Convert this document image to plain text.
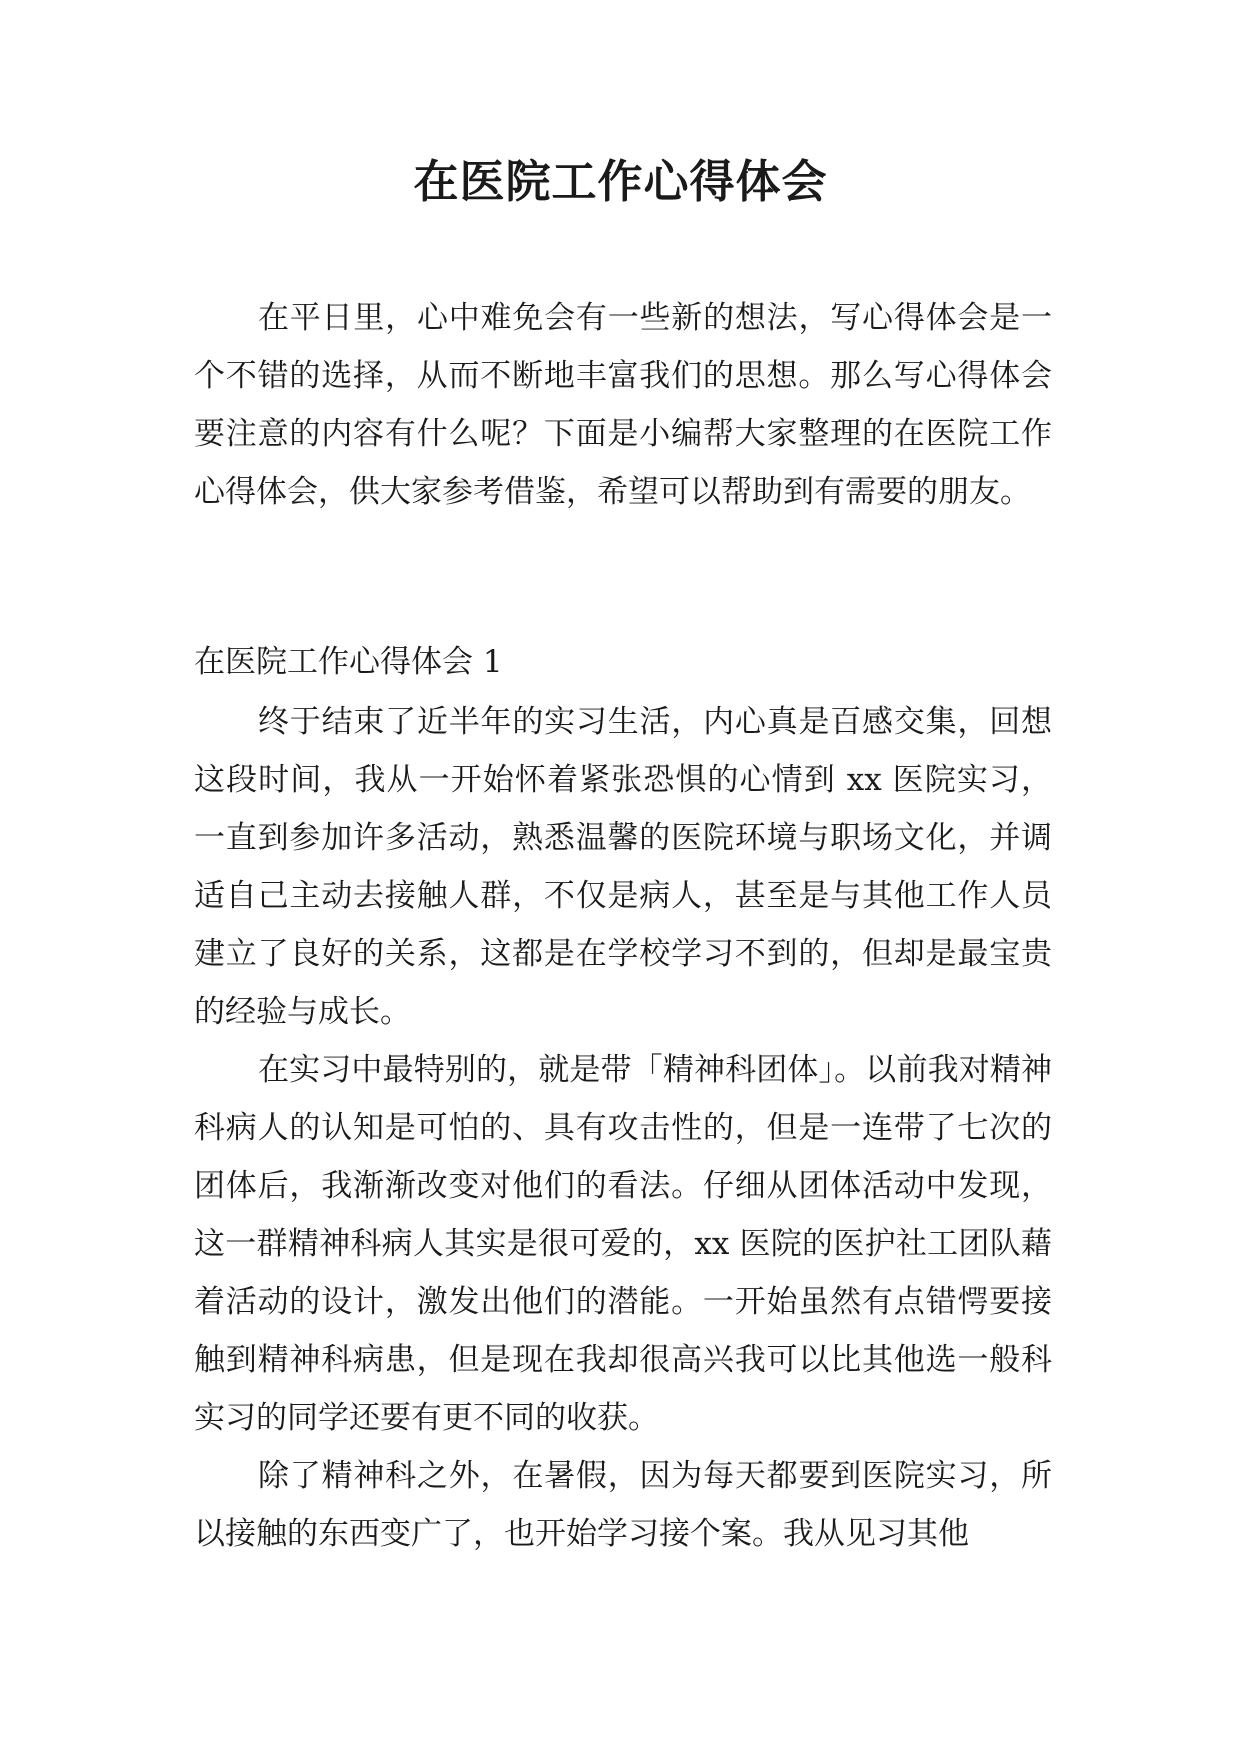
在医院工作心得体会

在平日里，心中难免会有一些新的想法，写心得体会是一个不错的选择，从而不断地丰富我们的思想。那么写心得体会要注意的内容有什么呢？下面是小编帮大家整理的在医院工作心得体会，供大家参考借鉴，希望可以帮助到有需要的朋友。

在医院工作心得体会 1

终于结束了近半年的实习生活，内心真是百感交集，回想这段时间，我从一开始怀着紧张恐惧的心情到 xx 医院实习，一直到参加许多活动，熟悉温馨的医院环境与职场文化，并调适自己主动去接触人群，不仅是病人，甚至是与其他工作人员建立了良好的关系，这都是在学校学习不到的，但却是最宝贵的经验与成长。

在实习中最特别的，就是带「精神科团体」。以前我对精神科病人的认知是可怕的、具有攻击性的，但是一连带了七次的团体后，我渐渐改变对他们的看法。仔细从团体活动中发现，这一群精神科病人其实是很可爱的，xx 医院的医护社工团队藉着活动的设计，激发出他们的潜能。一开始虽然有点错愕要接触到精神科病患，但是现在我却很高兴我可以比其他选一般科实习的同学还要有更不同的收获。

除了精神科之外，在暑假，因为每天都要到医院实习，所以接触的东西变广了，也开始学习接个案。我从见习其他
